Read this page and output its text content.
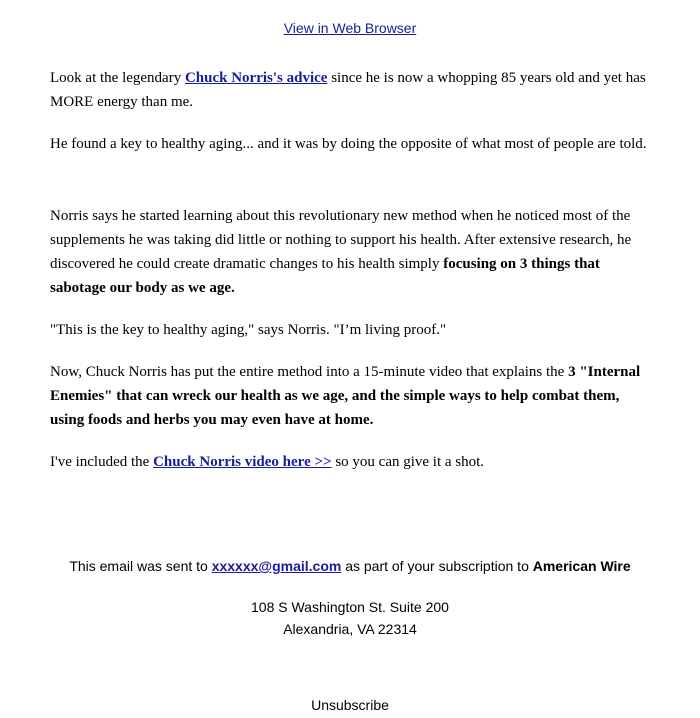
View in Web Browser

Look at the legendary Chuck Norris's advice since he is now a whopping 85 years old and yet has MORE energy than me.

He found a key to healthy aging... and it was by doing the opposite of what most of people are told.

Norris says he started learning about this revolutionary new method when he noticed most of the supplements he was taking did little or nothing to support his health. After extensive research, he discovered he could create dramatic changes to his health simply focusing on 3 things that sabotage our body as we age.

"This is the key to healthy aging," says Norris. "I’m living proof."

Now, Chuck Norris has put the entire method into a 15-minute video that explains the 3 "Internal Enemies" that can wreck our health as we age, and the simple ways to help combat them, using foods and herbs you may even have at home.

I've included the Chuck Norris video here >> so you can give it a shot.

This email was sent to xxxxxx@gmail.com as part of your subscription to American Wire
108 S Washington St. Suite 200
Alexandria, VA 22314
Unsubscribe
